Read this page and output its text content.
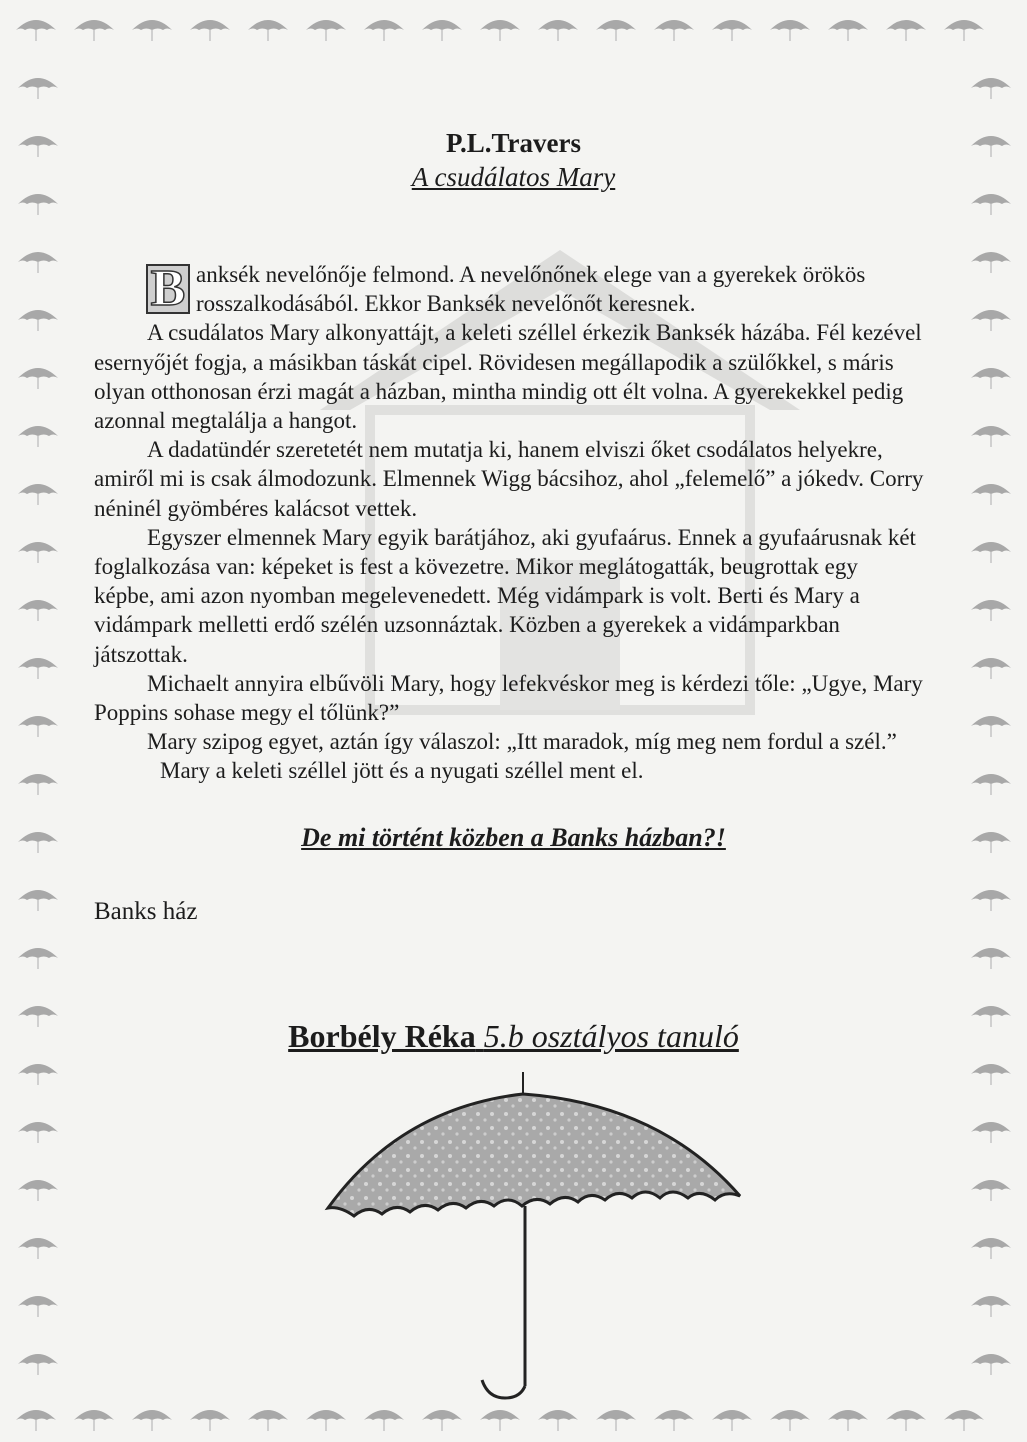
P.L.Travers
A csudálatos Mary

B anksék nevelőnője felmond. A nevelőnőnek elege van a gyerekek örökös rosszalkodásából. Ekkor Banksék nevelőnőt keresnek.

A csudálatos Mary alkonyattájt, a keleti széllel érkezik Banksék házába. Fél kezével esernyőjét fogja, a másikban táskát cipel. Rövidesen megállapodik a szülőkkel, s máris olyan otthonosan érzi magát a házban, mintha mindig ott élt volna. A gyerekekkel pedig azonnal megtalálja a hangot.

A dadatündér szeretetét nem mutatja ki, hanem elviszi őket csodálatos helyekre, amiről mi is csak álmodozunk. Elmennek Wigg bácsihoz, ahol „felemelő” a jókedv. Corry néninél gyömbéres kalácsot vettek.

Egyszer elmennek Mary egyik barátjához, aki gyufaárus. Ennek a gyufaárusnak két foglalkozása van: képeket is fest a kövezetre. Mikor meglátogatták, beugrottak egy képbe, ami azon nyomban megelevenedett. Még vidámpark is volt. Berti és Mary a vidámpark melletti erdő szélén uzsonnáztak. Közben a gyerekek a vidámparkban játszottak.

Michaelt annyira elbűvöli Mary, hogy lefekvéskor meg is kérdezi tőle: „Ugye, Mary Poppins sohase megy el tőlünk?”

Mary szipog egyet, aztán így válaszol: „Itt maradok, míg meg nem fordul a szél.”

Mary a keleti széllel jött és a nyugati széllel ment el.

De mi történt közben a Banks házban?!
Banks ház
Borbély Réka 5.b osztályos tanuló
